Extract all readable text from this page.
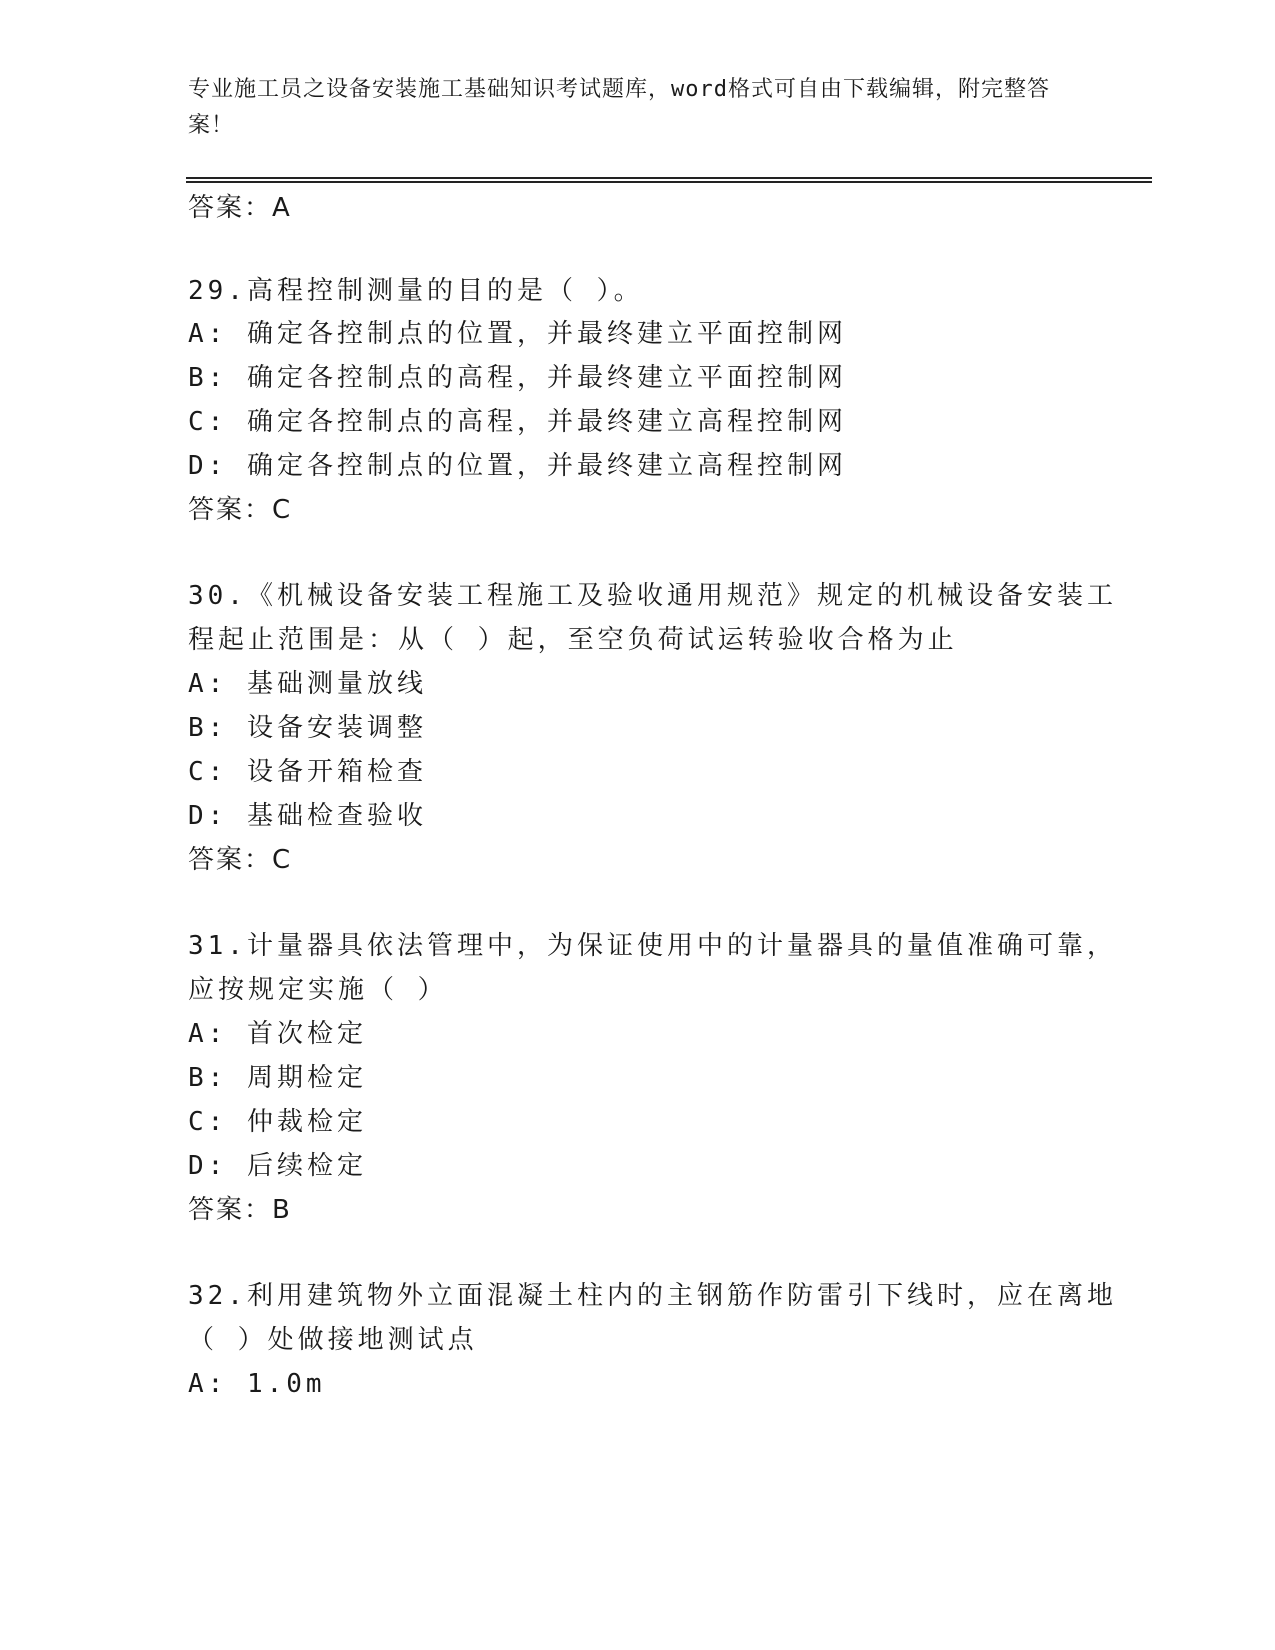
专业施工员之设备安装施工基础知识考试题库，word格式可自由下载编辑，附完整答案！
答案：A
29.高程控制测量的目的是（ ）。
A: 确定各控制点的位置，并最终建立平面控制网
B: 确定各控制点的高程，并最终建立平面控制网
C: 确定各控制点的高程，并最终建立高程控制网
D: 确定各控制点的位置，并最终建立高程控制网
答案：C
30.《机械设备安装工程施工及验收通用规范》规定的机械设备安装工
程起止范围是：从（ ）起，至空负荷试运转验收合格为止
A: 基础测量放线
B: 设备安装调整
C: 设备开箱检查
D: 基础检查验收
答案：C
31.计量器具依法管理中，为保证使用中的计量器具的量值准确可靠，
应按规定实施（ ）
A: 首次检定
B: 周期检定
C: 仲裁检定
D: 后续检定
答案：B
32.利用建筑物外立面混凝土柱内的主钢筋作防雷引下线时，应在离地
（ ）处做接地测试点
A: 1.0m
